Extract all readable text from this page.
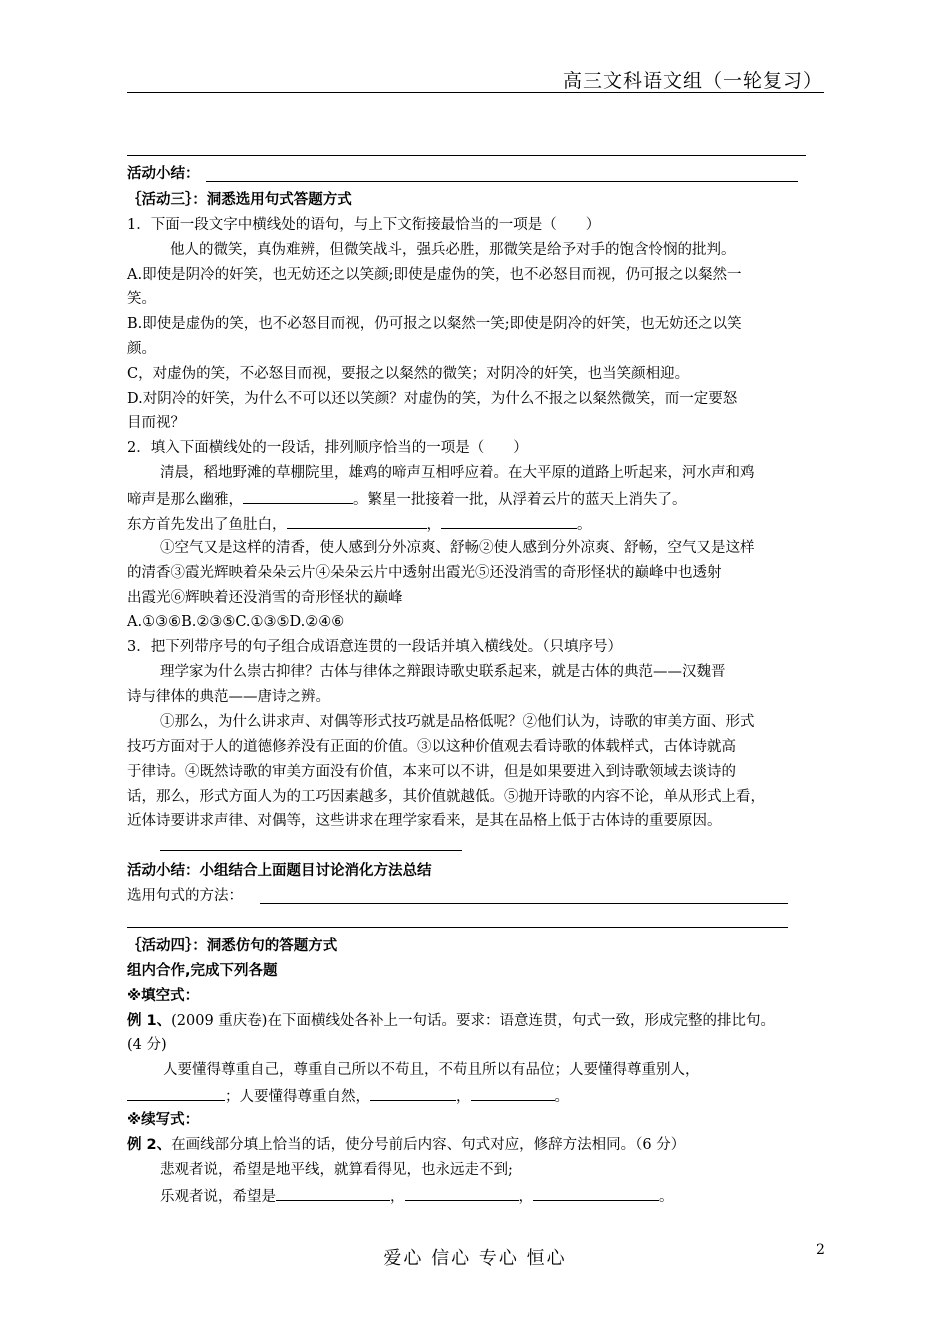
高三文科语文组（一轮复习）
活动小结：
｛活动三｝：洞悉选用句式答题方式
1．下面一段文字中横线处的语句，与上下文衔接最恰当的一项是（　　）
他人的微笑，真伪难辨，但微笑战斗，强兵必胜，那微笑是给予对手的饱含怜悯的批判。
A.即使是阴冷的奸笑，也无妨还之以笑颜;即使是虚伪的笑，也不必怒目而视，仍可报之以粲然一
笑。
B.即使是虚伪的笑，也不必怒目而视，仍可报之以粲然一笑;即使是阴冷的奸笑，也无妨还之以笑
颜。
C，对虚伪的笑，不必怒目而视，要报之以粲然的微笑；对阴冷的奸笑，也当笑颜相迎。
D.对阴冷的奸笑，为什么不可以还以笑颜？对虚伪的笑，为什么不报之以粲然微笑，而一定要怒
目而视？
2．填入下面横线处的一段话，排列顺序恰当的一项是（　　）
清晨，稻地野滩的草棚院里，雄鸡的啼声互相呼应着。在大平原的道路上听起来，河水声和鸡
啼声是那么幽雅，	。繁星一批接着一批，从浮着云片的蓝天上消失了。
东方首先发出了鱼肚白，	，	。
①空气又是这样的清香，使人感到分外凉爽、舒畅②使人感到分外凉爽、舒畅，空气又是这样
的清香③霞光辉映着朵朵云片④朵朵云片中透射出霞光⑤还没消雪的奇形怪状的巅峰中也透射
出霞光⑥辉映着还没消雪的奇形怪状的巅峰
A.①③⑥B.②③⑤C.①③⑤D.②④⑥
3．把下列带序号的句子组合成语意连贯的一段话并填入横线处。（只填序号）
理学家为什么崇古抑律？古体与律体之辩跟诗歌史联系起来，就是古体的典范——汉魏晋
诗与律体的典范——唐诗之辨。
①那么，为什么讲求声、对偶等形式技巧就是品格低呢？②他们认为，诗歌的审美方面、形式
技巧方面对于人的道德修养没有正面的价值。③以这种价值观去看诗歌的体载样式，古体诗就高
于律诗。④既然诗歌的审美方面没有价值，本来可以不讲，但是如果要进入到诗歌领域去谈诗的
话，那么，形式方面人为的工巧因素越多，其价值就越低。⑤抛开诗歌的内容不论，单从形式上看，
近体诗要讲求声律、对偶等，这些讲求在理学家看来，是其在品格上低于古体诗的重要原因。
活动小结：小组结合上面题目讨论消化方法总结
选用句式的方法：
｛活动四｝：洞悉仿句的答题方式
组内合作,完成下列各题
※填空式：
例 1、(2009 重庆卷)在下面横线处各补上一句话。要求：语意连贯，句式一致，形成完整的排比句。
(4 分)
人要懂得尊重自己，尊重自己所以不苟且，不苟且所以有品位；人要懂得尊重别人，
；人要懂得尊重自然，	，	。
※续写式：
例 2、在画线部分填上恰当的话，使分号前后内容、句式对应，修辞方法相同。（6 分）
悲观者说，希望是地平线，就算看得见，也永远走不到;
乐观者说，希望是	，	，	。
爱心 信心 专心 恒心	2
